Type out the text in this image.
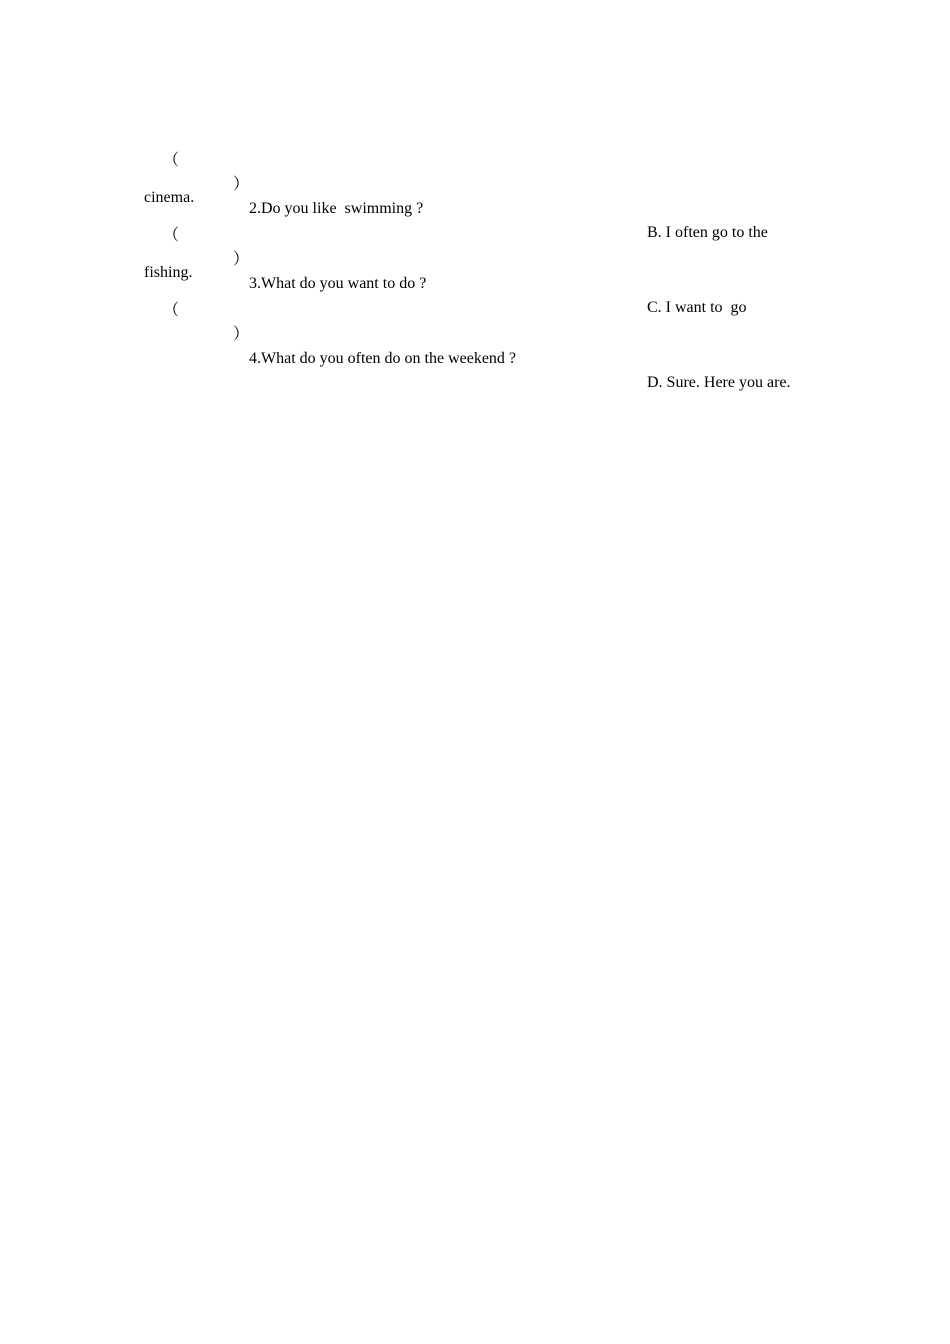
（

）

2.Do you like  swimming ?

B. I often go to the

cinema.

（

）

3.What do you want to do ?

C. I want to  go

fishing.

（

）

4.What do you often do on the weekend ?

D. Sure. Here you are.
